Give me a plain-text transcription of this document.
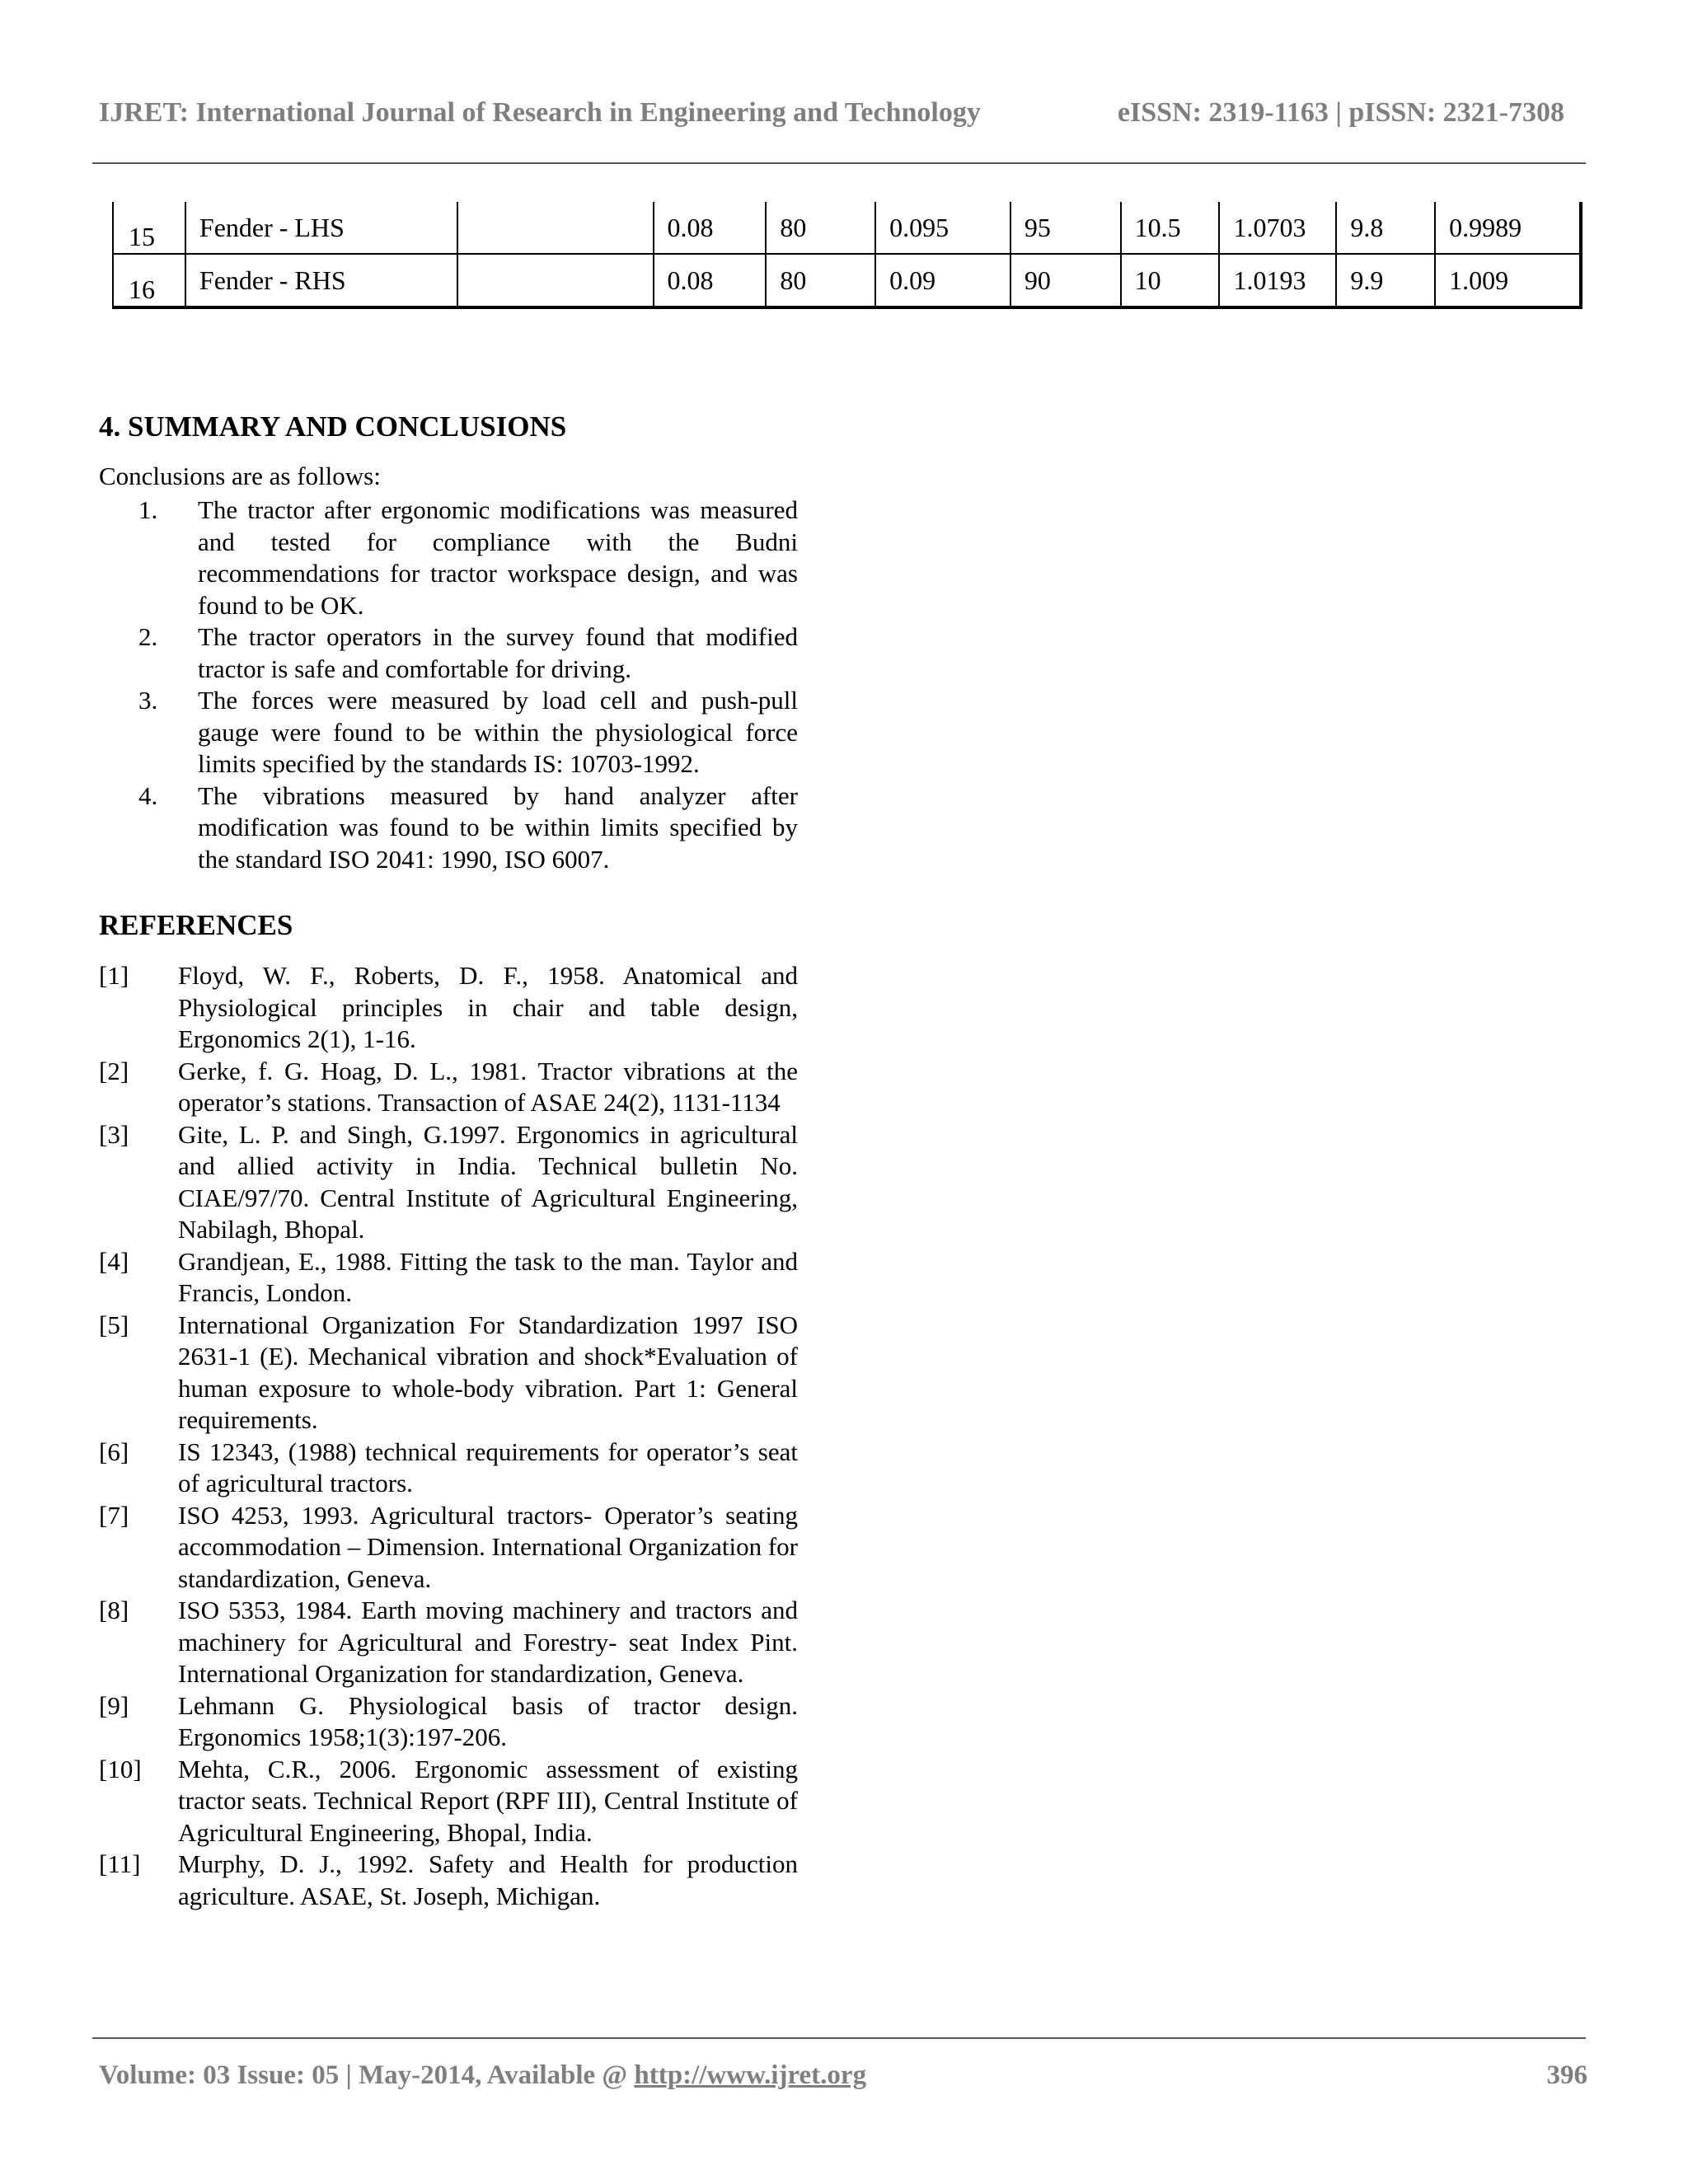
IJRET: International Journal of Research in Engineering and Technology	eISSN: 2319-1163 | pISSN: 2321-7308
15	Fender - LHS		0.08	80	0.095	95	10.5	1.0703	9.8	0.9989
16	Fender - RHS		0.08	80	0.09	90	10	1.0193	9.9	1.009
4. SUMMARY AND CONCLUSIONS
Conclusions are as follows:
1. The tractor after ergonomic modifications was measured and tested for compliance with the Budni recommendations for tractor workspace design, and was found to be OK.
2. The tractor operators in the survey found that modified tractor is safe and comfortable for driving.
3. The forces were measured by load cell and push-pull gauge were found to be within the physiological force limits specified by the standards IS: 10703-1992.
4. The vibrations measured by hand analyzer after modification was found to be within limits specified by the standard ISO 2041: 1990, ISO 6007.
REFERENCES
[1] Floyd, W. F., Roberts, D. F., 1958. Anatomical and Physiological principles in chair and table design, Ergonomics 2(1), 1-16.
[2] Gerke, f. G. Hoag, D. L., 1981. Tractor vibrations at the operator’s stations. Transaction of ASAE 24(2), 1131-1134
[3] Gite, L. P. and Singh, G.1997. Ergonomics in agricultural and allied activity in India. Technical bulletin No. CIAE/97/70. Central Institute of Agricultural Engineering, Nabilagh, Bhopal.
[4] Grandjean, E., 1988. Fitting the task to the man. Taylor and Francis, London.
[5] International Organization For Standardization 1997 ISO 2631-1 (E). Mechanical vibration and shock*Evaluation of human exposure to whole-body vibration. Part 1: General requirements.
[6] IS 12343, (1988) technical requirements for operator’s seat of agricultural tractors.
[7] ISO 4253, 1993. Agricultural tractors- Operator’s seating accommodation – Dimension. International Organization for standardization, Geneva.
[8] ISO 5353, 1984. Earth moving machinery and tractors and machinery for Agricultural and Forestry- seat Index Pint. International Organization for standardization, Geneva.
[9] Lehmann G. Physiological basis of tractor design. Ergonomics 1958;1(3):197-206.
[10] Mehta, C.R., 2006. Ergonomic assessment of existing tractor seats. Technical Report (RPF III), Central Institute of Agricultural Engineering, Bhopal, India.
[11] Murphy, D. J., 1992. Safety and Health for production agriculture. ASAE, St. Joseph, Michigan.
Volume: 03 Issue: 05 | May-2014, Available @ http://www.ijret.org	396
